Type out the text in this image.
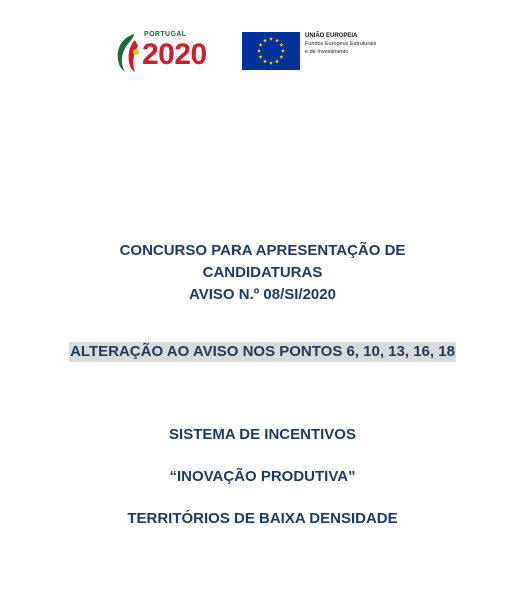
PORTUGAL
2020
UNIÃO EUROPEIA
Fundos Europeus Estruturais
e de Investimento
CONCURSO PARA APRESENTAÇÃO DE
CANDIDATURAS
AVISO N.º 08/SI/2020
ALTERAÇÃO AO AVISO NOS PONTOS 6, 10, 13, 16, 18
SISTEMA DE INCENTIVOS
“INOVAÇÃO PRODUTIVA”
TERRITÓRIOS DE BAIXA DENSIDADE
